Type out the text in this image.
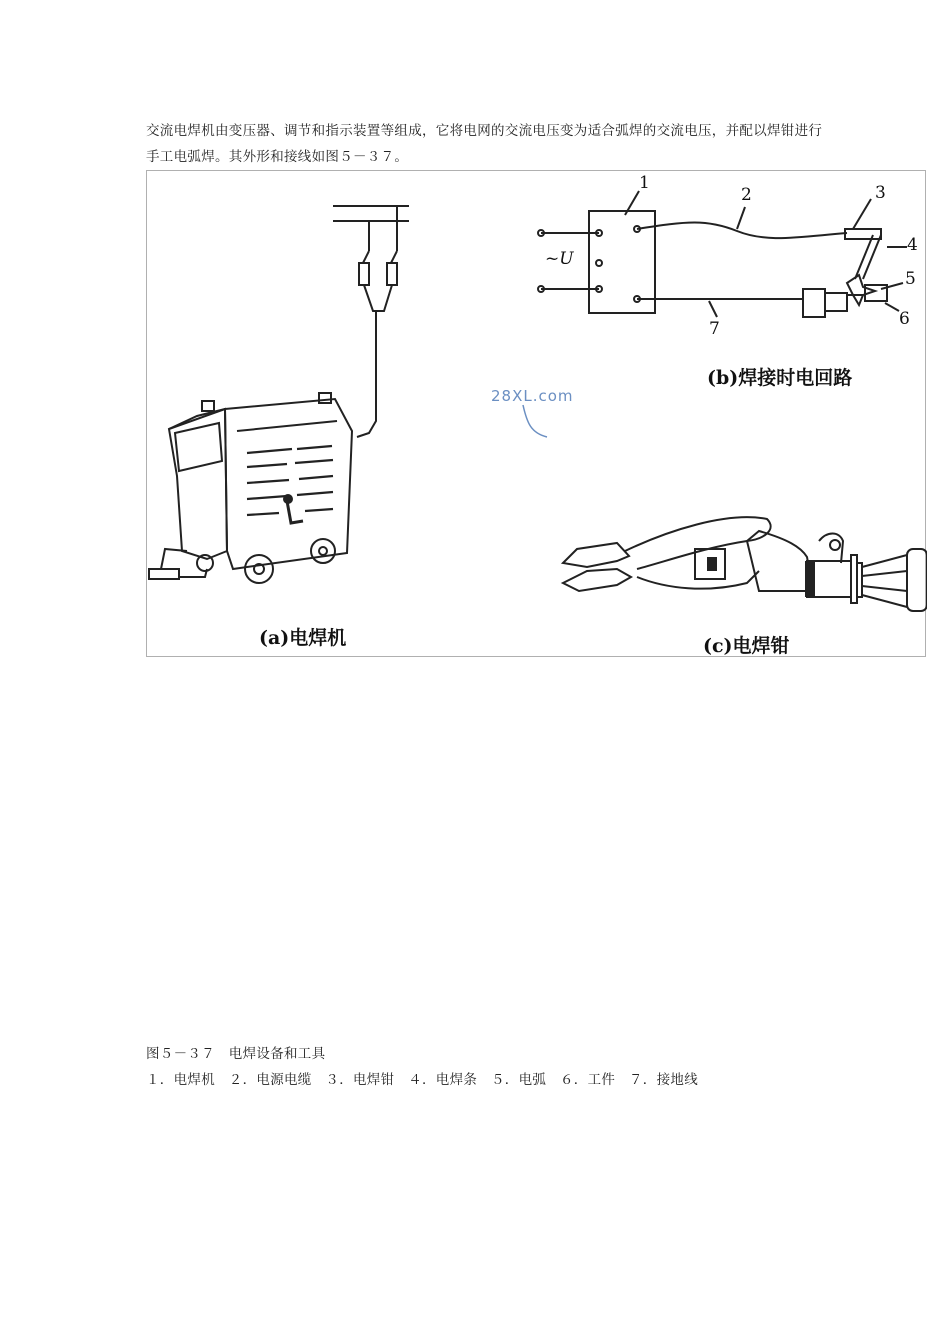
交流电焊机由变压器、调节和指示装置等组成，它将电网的交流电压变为适合弧焊的交流电压，并配以焊钳进行手工电弧焊。其外形和接线如图５－３７。
(a)电焊机
(b)焊接时电回路
(c)电焊钳
~U
28XL.com
1
2	3
4
5
6
7
图５－３７　电焊设备和工具
１．电焊机　２．电源电缆　３．电焊钳　４．电焊条　５．电弧　６．工件　７．接地线
